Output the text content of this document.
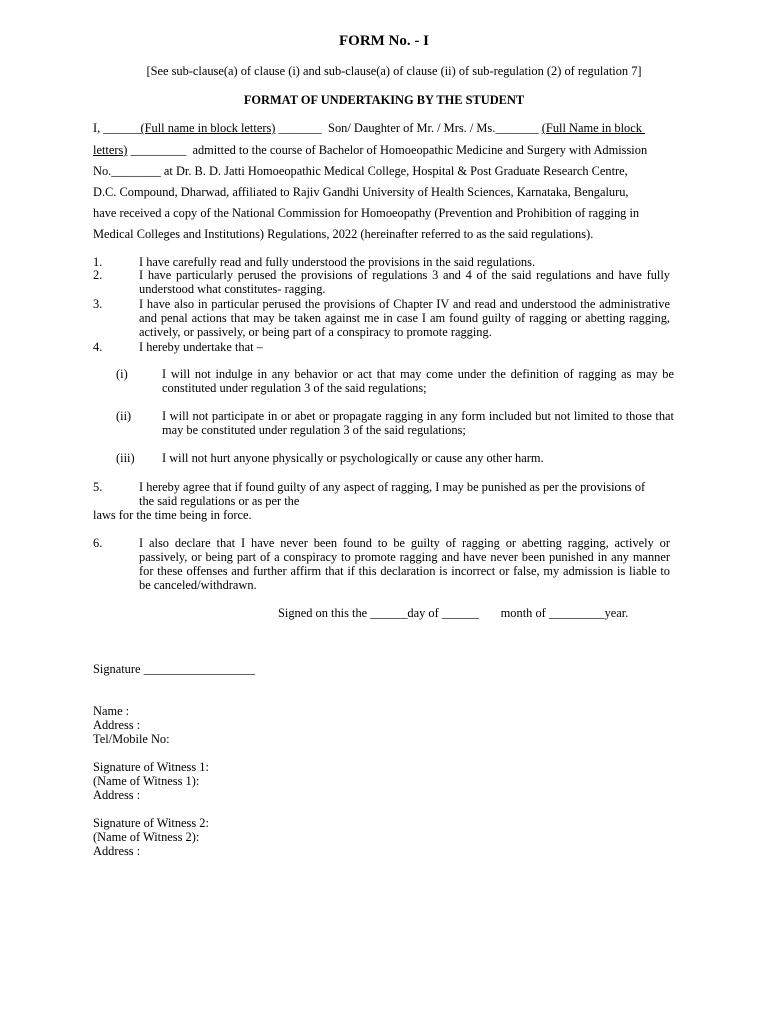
FORM No. - I
[See sub-clause(a) of clause (i) and sub-clause(a) of clause (ii) of sub-regulation (2) of regulation 7]
FORMAT OF UNDERTAKING BY THE STUDENT
I, ______(Full name in block letters) _______  Son/ Daughter of Mr. / Mrs. / Ms._______ (Full Name in block
letters) _________  admitted to the course of Bachelor of Homoeopathic Medicine and Surgery with Admission
No.________ at Dr. B. D. Jatti Homoeopathic Medical College, Hospital & Post Graduate Research Centre,
D.C. Compound, Dharwad, affiliated to Rajiv Gandhi University of Health Sciences, Karnataka, Bengaluru,
have received a copy of the National Commission for Homoeopathy (Prevention and Prohibition of ragging in
Medical Colleges and Institutions) Regulations, 2022 (hereinafter referred to as the said regulations).
1.	I have carefully read and fully understood the provisions in the said regulations.
2.	I have particularly perused the provisions of regulations 3 and 4 of the said regulations and have fully understood what constitutes- ragging.
3.	I have also in particular perused the provisions of Chapter IV and read and understood the administrative and penal actions that may be taken against me in case I am found guilty of ragging or abetting ragging, actively, or passively, or being part of a conspiracy to promote ragging.
4.	I hereby undertake that –
(i)	I will not indulge in any behavior or act that may come under the definition of ragging as may be constituted under regulation 3 of the said regulations;
(ii) I will not participate in or abet or propagate ragging in any form included but not limited to those that may be constituted under regulation 3 of the said regulations;
(iii) I will not hurt anyone physically or psychologically or cause any other harm.
5.	I hereby agree that if found guilty of any aspect of ragging, I may be punished as per the provisions of
the said regulations or as per the
laws for the time being in force.
6.	I also declare that I have never been found to be guilty of ragging or abetting ragging, actively or passively, or being part of a conspiracy to promote ragging and have never been punished in any manner for these offenses and further affirm that if this declaration is incorrect or false, my admission is liable to be canceled/withdrawn.
Signed on this the ______day of ______       month of _________year.
Signature __________________
Name :
Address :
Tel/Mobile No:
Signature of Witness 1:
(Name of Witness 1):
Address :
Signature of Witness 2:
(Name of Witness 2):
Address :
